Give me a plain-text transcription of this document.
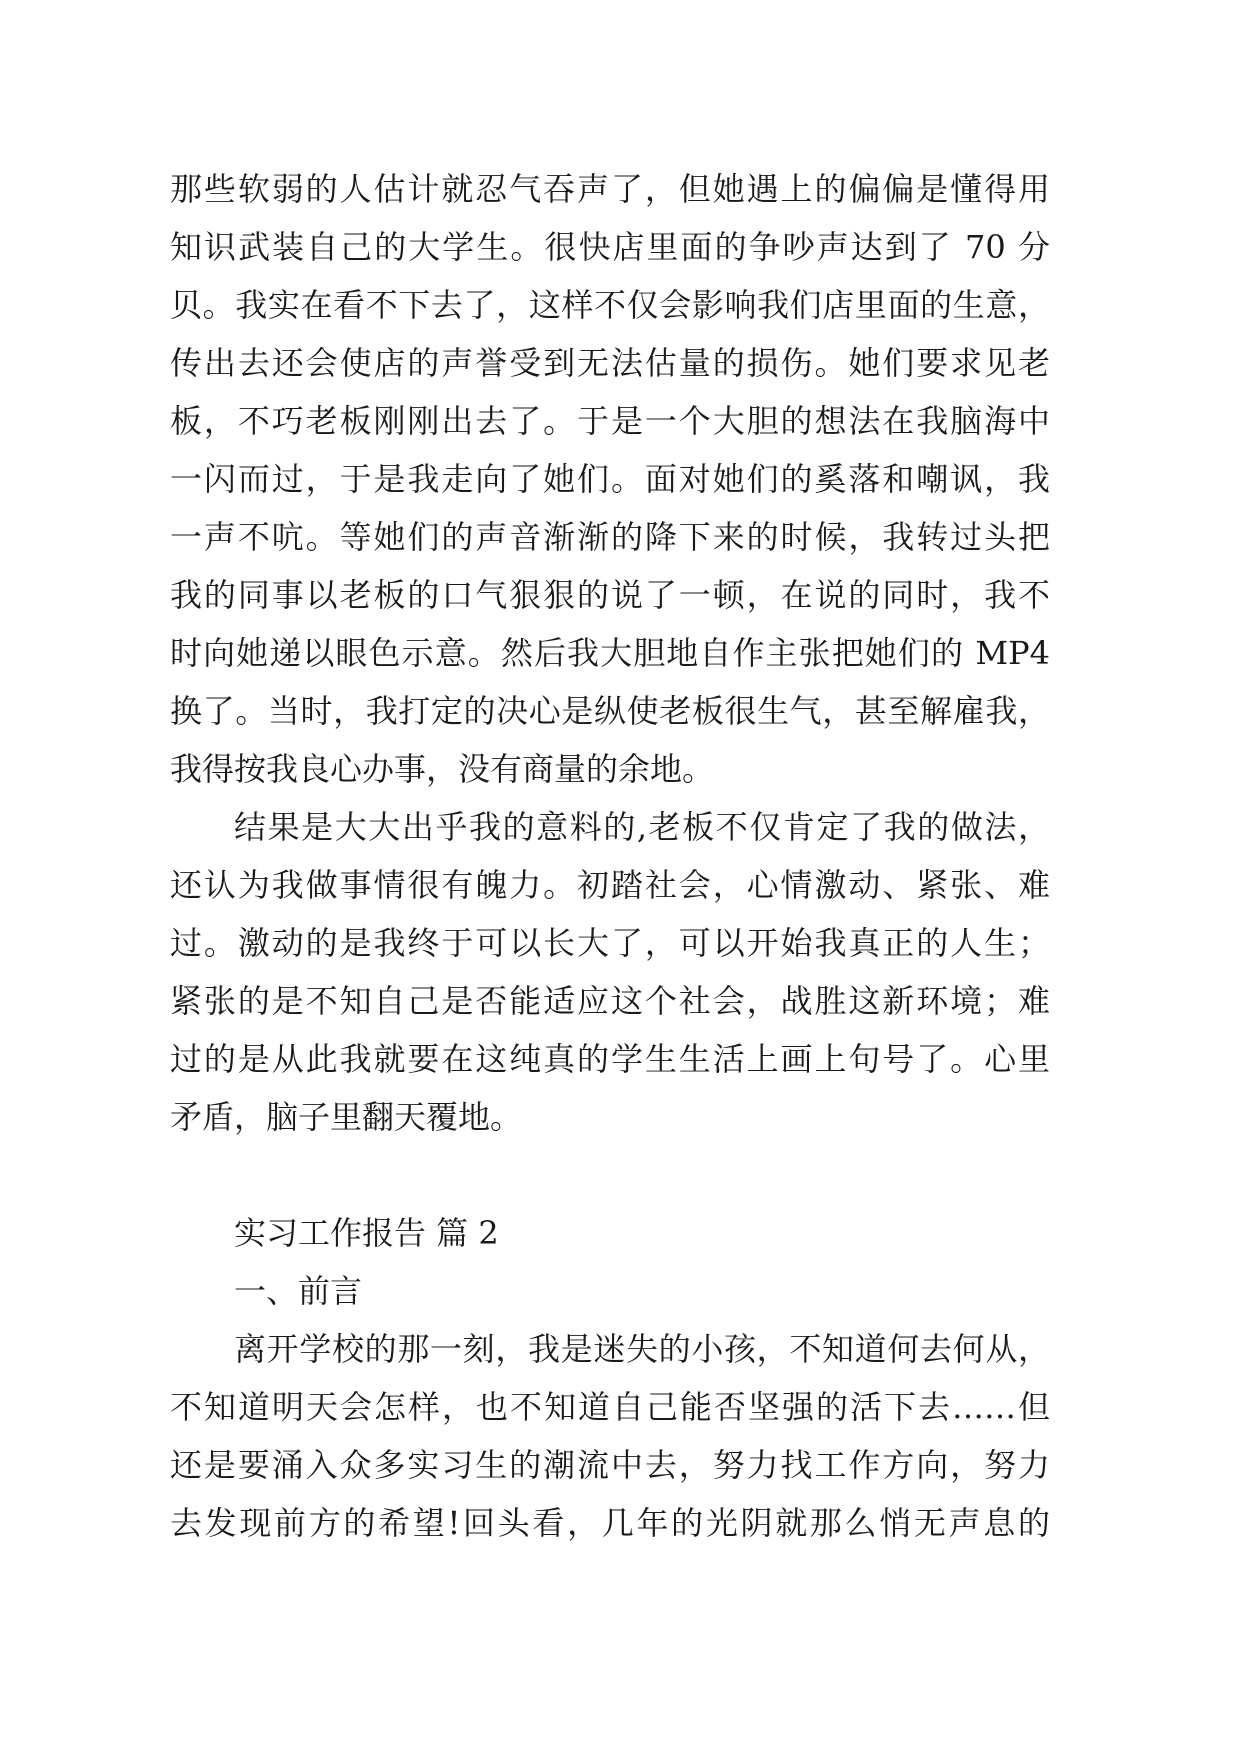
那些软弱的人估计就忍气吞声了，但她遇上的偏偏是懂得用
知识武装自己的大学生。很快店里面的争吵声达到了 70 分
贝。我实在看不下去了，这样不仅会影响我们店里面的生意，
传出去还会使店的声誉受到无法估量的损伤。她们要求见老
板，不巧老板刚刚出去了。于是一个大胆的想法在我脑海中
一闪而过，于是我走向了她们。面对她们的奚落和嘲讽，我
一声不吭。等她们的声音渐渐的降下来的时候，我转过头把
我的同事以老板的口气狠狠的说了一顿，在说的同时，我不
时向她递以眼色示意。然后我大胆地自作主张把她们的 MP4
换了。当时，我打定的决心是纵使老板很生气，甚至解雇我，
我得按我良心办事，没有商量的余地。
结果是大大出乎我的意料的,老板不仅肯定了我的做法，
还认为我做事情很有魄力。初踏社会，心情激动、紧张、难
过。激动的是我终于可以长大了，可以开始我真正的人生；
紧张的是不知自己是否能适应这个社会，战胜这新环境；难
过的是从此我就要在这纯真的学生生活上画上句号了。心里
矛盾，脑子里翻天覆地。
实习工作报告 篇 2
一、前言
离开学校的那一刻，我是迷失的小孩，不知道何去何从，
不知道明天会怎样，也不知道自己能否坚强的活下去……但
还是要涌入众多实习生的潮流中去，努力找工作方向，努力
去发现前方的希望!回头看，几年的光阴就那么悄无声息的
